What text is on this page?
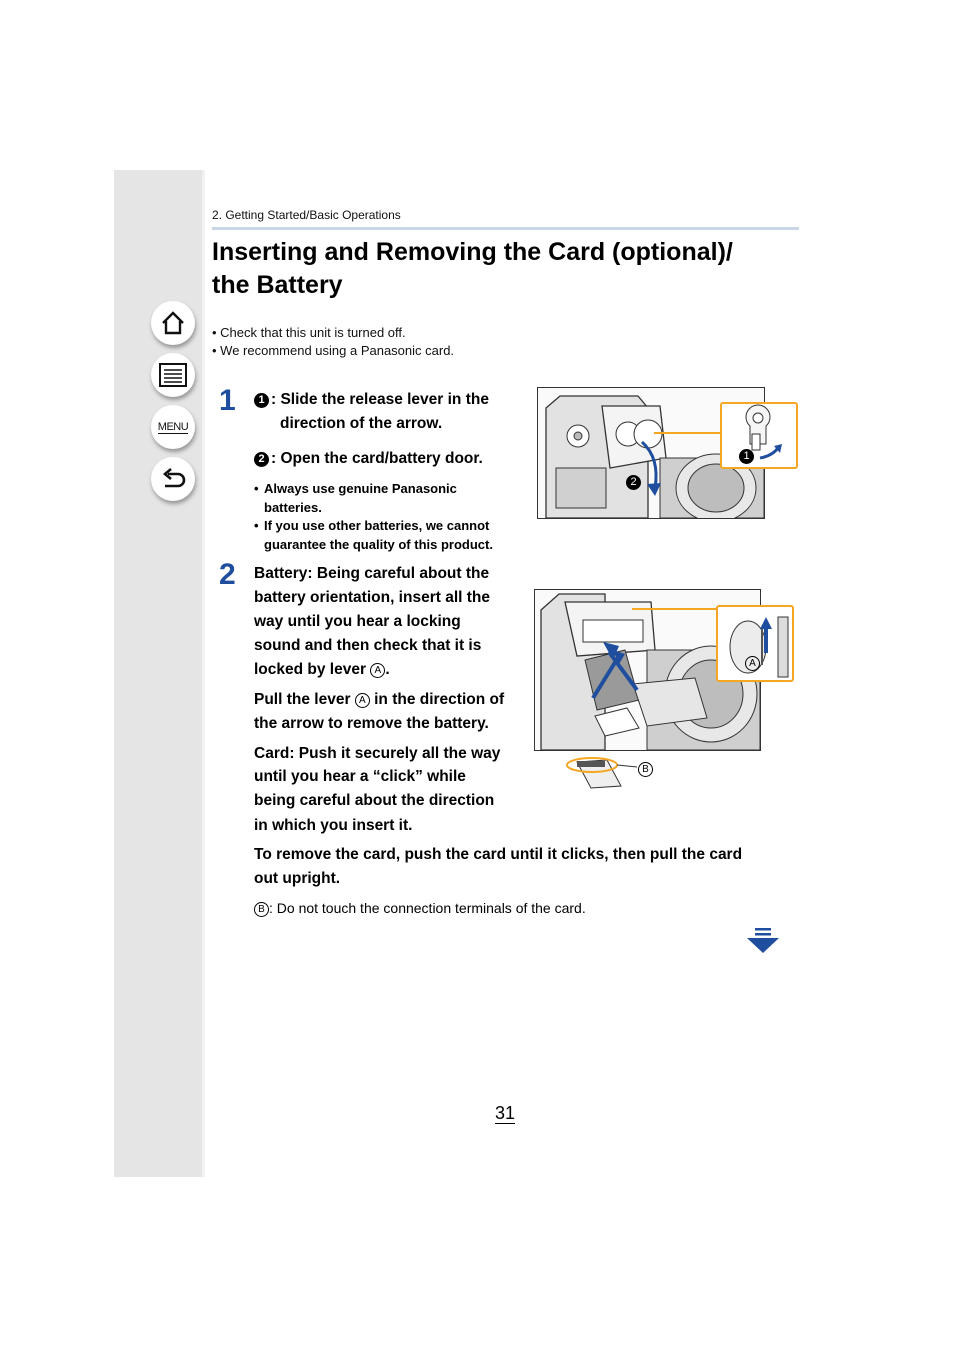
MENU
2. Getting Started/Basic Operations
Inserting and Removing the Card (optional)/
the Battery
• Check that this unit is turned off.
• We recommend using a Panasonic card.
1	1 : Slide the release lever in the
direction of the arrow.
2 : Open the card/battery door.
• Always use genuine Panasonic
batteries.
• If you use other batteries, we cannot
guarantee the quality of this product.
2
1
2 Battery: Being careful about the
battery orientation, insert all the
way until you hear a locking
sound and then check that it is
locked by lever A .
Pull the lever A in the direction of
the arrow to remove the battery.
Card: Push it securely all the way
until you hear a “click” while
being careful about the direction
in which you insert it.
To remove the card, push the card until it clicks, then pull the card
out upright.
B : Do not touch the connection terminals of the card.
A
B
31
